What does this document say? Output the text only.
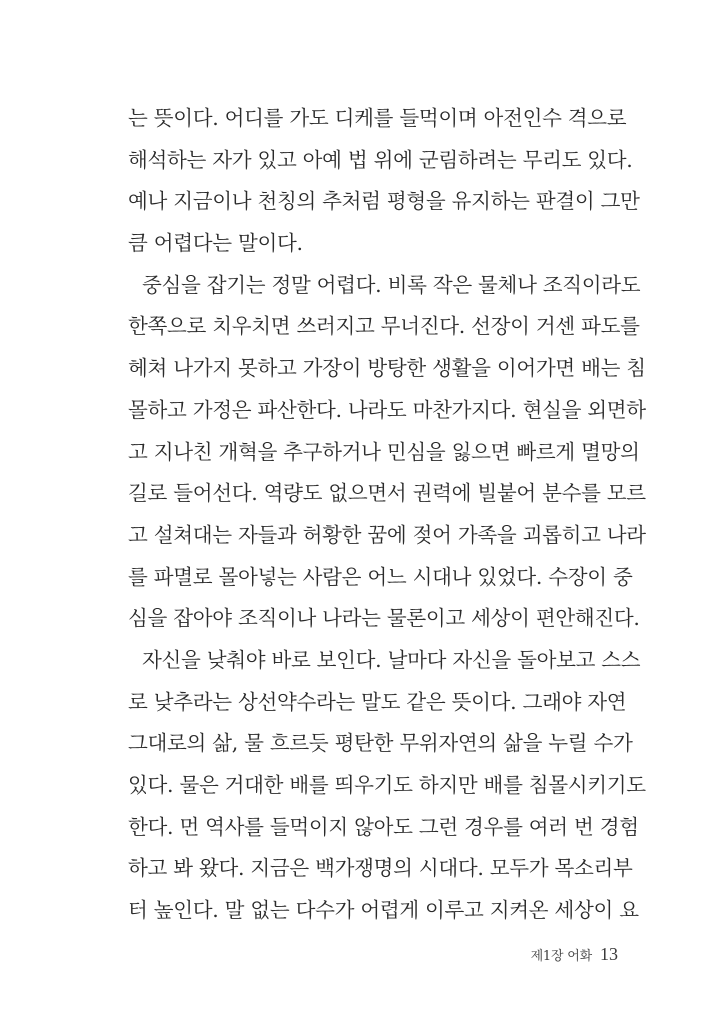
는 뜻이다. 어디를 가도 디케를 들먹이며 아전인수 격으로
해석하는 자가 있고 아예 법 위에 군림하려는 무리도 있다.
예나 지금이나 천칭의 추처럼 평형을 유지하는 판결이 그만
큼 어렵다는 말이다.
중심을 잡기는 정말 어렵다. 비록 작은 물체나 조직이라도
한쪽으로 치우치면 쓰러지고 무너진다. 선장이 거센 파도를
헤쳐 나가지 못하고 가장이 방탕한 생활을 이어가면 배는 침
몰하고 가정은 파산한다. 나라도 마찬가지다. 현실을 외면하
고 지나친 개혁을 추구하거나 민심을 잃으면 빠르게 멸망의
길로 들어선다. 역량도 없으면서 권력에 빌붙어 분수를 모르
고 설쳐대는 자들과 허황한 꿈에 젖어 가족을 괴롭히고 나라
를 파멸로 몰아넣는 사람은 어느 시대나 있었다. 수장이 중
심을 잡아야 조직이나 나라는 물론이고 세상이 편안해진다.
자신을 낮춰야 바로 보인다. 날마다 자신을 돌아보고 스스
로 낮추라는 상선약수라는 말도 같은 뜻이다. 그래야 자연
그대로의 삶, 물 흐르듯 평탄한 무위자연의 삶을 누릴 수가
있다. 물은 거대한 배를 띄우기도 하지만 배를 침몰시키기도
한다. 먼 역사를 들먹이지 않아도 그런 경우를 여러 번 경험
하고 봐 왔다. 지금은 백가쟁명의 시대다. 모두가 목소리부
터 높인다. 말 없는 다수가 어렵게 이루고 지켜온 세상이 요
제1장 어화 13
